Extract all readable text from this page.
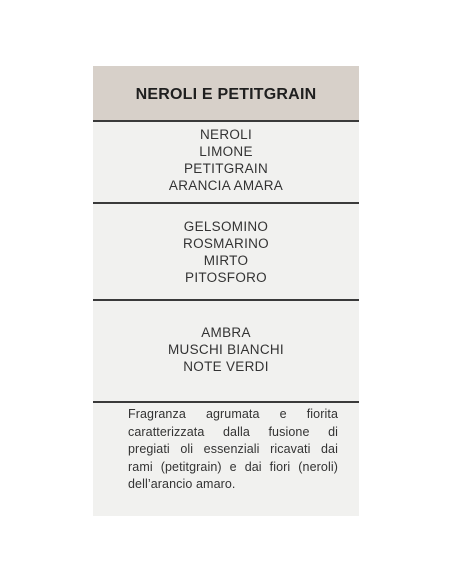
NEROLI E PETITGRAIN
NEROLI
LIMONE
PETITGRAIN
ARANCIA AMARA
GELSOMINO
ROSMARINO
MIRTO
PITOSFORO
AMBRA
MUSCHI BIANCHI
NOTE VERDI

Fragranza agrumata e fiorita caratterizzata dalla fusione di pregiati oli essenziali ricavati dai rami (petitgrain) e dai fiori (neroli) dell’arancio amaro.
